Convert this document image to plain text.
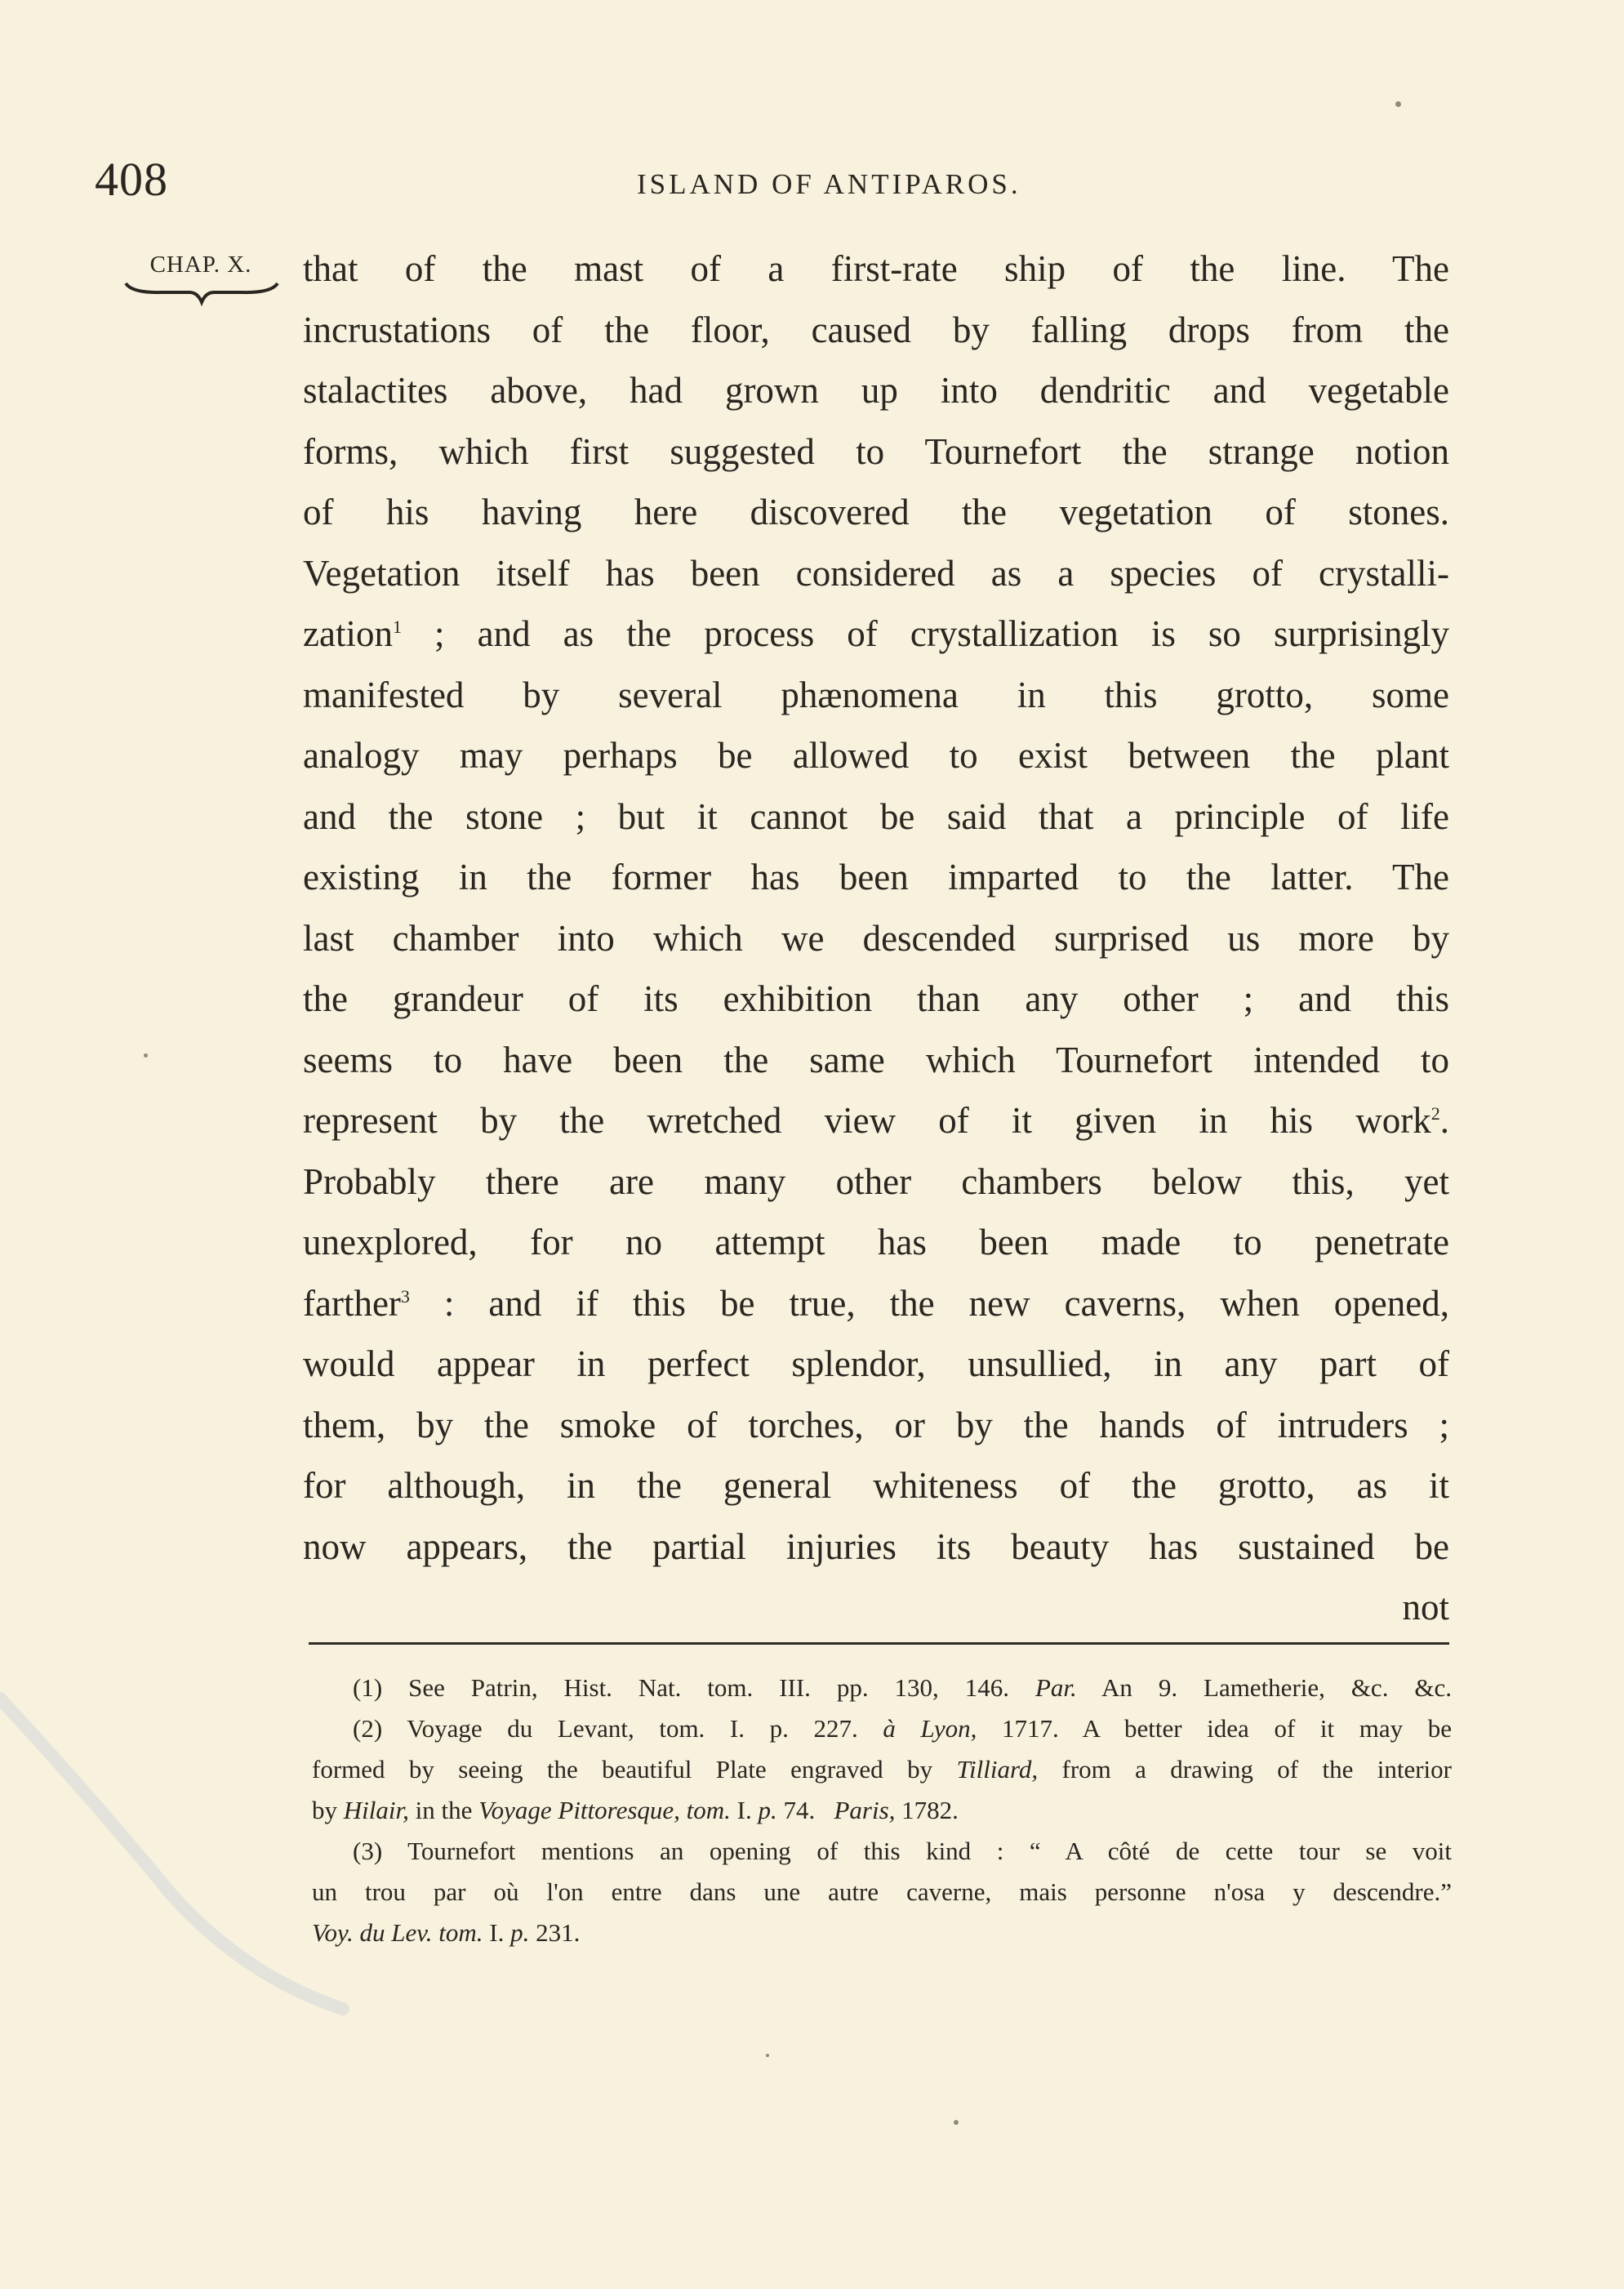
408	ISLAND OF ANTIPAROS.
CHAP. X.	that of the mast of a first-rate ship of the line. The
incrustations of the floor, caused by falling drops from the
stalactites above, had grown up into dendritic and vegetable
forms, which first suggested to Tournefort the strange notion
of his having here discovered the vegetation of stones.
Vegetation itself has been considered as a species of crystalli-
zation$^1$ ; and as the process of crystallization is so surprisingly
manifested by several phænomena in this grotto, some
analogy may perhaps be allowed to exist between the plant
and the stone ; but it cannot be said that a principle of life
existing in the former has been imparted to the latter. The
last chamber into which we descended surprised us more by
the grandeur of its exhibition than any other ; and this
seems to have been the same which Tournefort intended to
represent by the wretched view of it given in his work$^2$.
Probably there are many other chambers below this, yet
unexplored, for no attempt has been made to penetrate
farther$^3$ : and if this be true, the new caverns, when opened,
would appear in perfect splendor, unsullied, in any part of
them, by the smoke of torches, or by the hands of intruders ;
for although, in the general whiteness of the grotto, as it
now appears, the partial injuries its beauty has sustained be
not
(1) See Patrin, Hist. Nat. tom. III. pp. 130, 146. Par. An 9. Lametherie, &c. &c.
(2) Voyage du Levant, tom. I. p. 227. à Lyon, 1717. A better idea of it may be
formed by seeing the beautiful Plate engraved by Tilliard, from a drawing of the interior
by Hilair, in the Voyage Pittoresque, tom. I. p. 74. Paris, 1782.
(3) Tournefort mentions an opening of this kind : “ A côté de cette tour se voit
un trou par où l'on entre dans une autre caverne, mais personne n'osa y descendre.”
Voy. du Lev. tom. I. p. 231.
